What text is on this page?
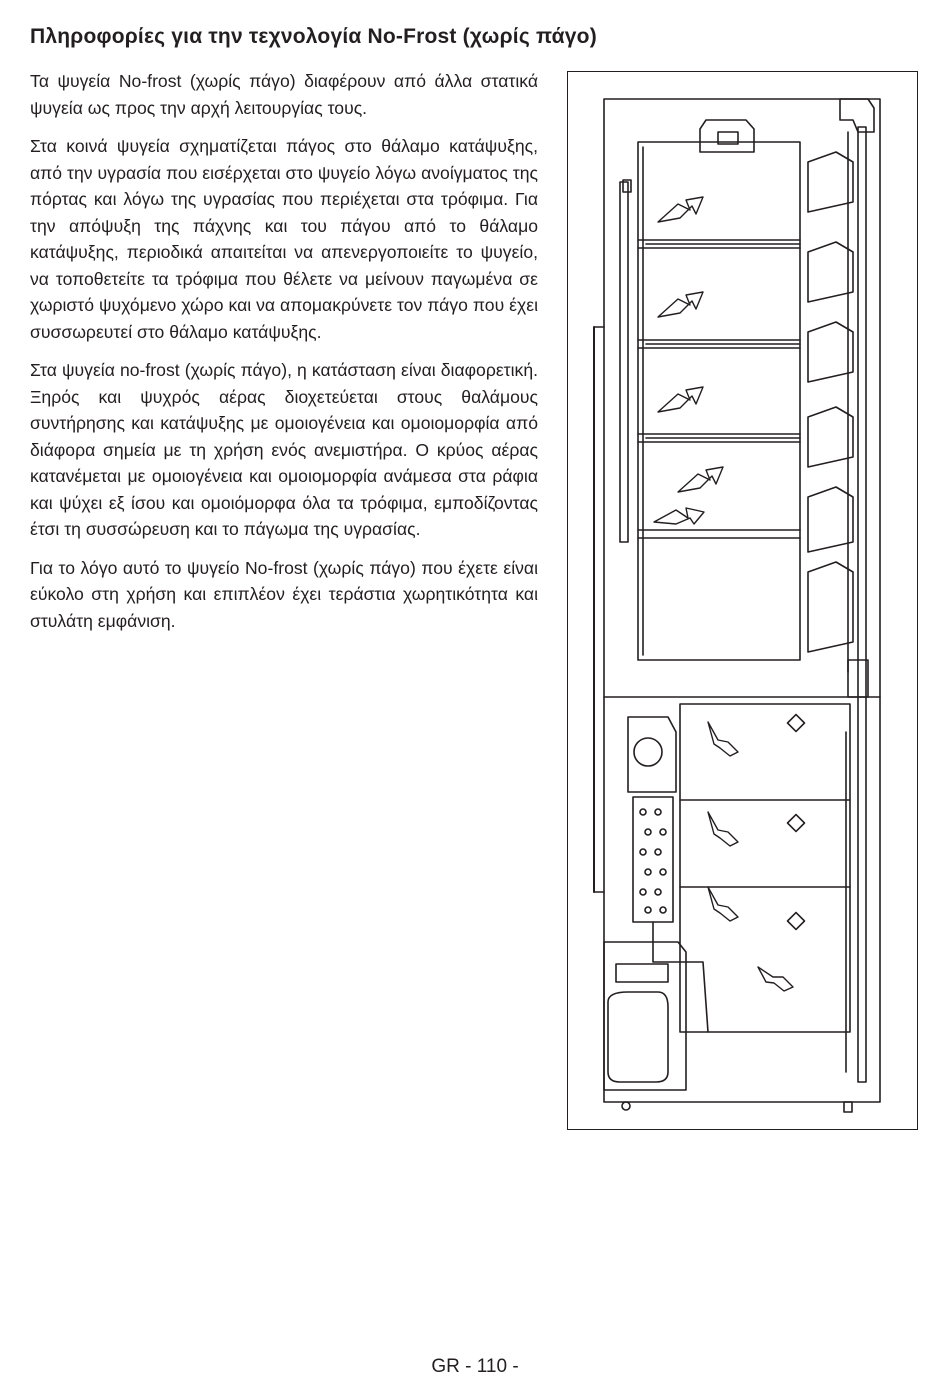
Πληροφορίες για την τεχνολογία No-Frost (χωρίς πάγο)

Τα ψυγεία No-frost (χωρίς πάγο) διαφέρουν από άλλα στατικά ψυγεία ως προς την αρχή λειτουργίας τους.

Στα κοινά ψυγεία σχηματίζεται πάγος στο θάλαμο κατάψυξης, από την υγρασία που εισέρχεται στο ψυγείο λόγω ανοίγματος της πόρτας και λόγω της υγρασίας που περιέχεται στα τρόφιμα. Για την απόψυξη της πάχνης και του πάγου από το θάλαμο κατάψυξης, περιοδικά απαιτείται να απενεργοποιείτε το ψυγείο, να τοποθετείτε τα τρόφιμα που θέλετε να μείνουν παγωμένα σε χωριστό ψυχόμενο χώρο και να απομακρύνετε τον πάγο που έχει συσσωρευτεί στο θάλαμο κατάψυξης.

Στα ψυγεία no-frost (χωρίς πάγο), η κατάσταση είναι διαφορετική. Ξηρός και ψυχρός αέρας διοχετεύεται στους θαλάμους συντήρησης και κατάψυξης με ομοιογένεια και ομοιομορφία από διάφορα σημεία με τη χρήση ενός ανεμιστήρα. Ο κρύος αέρας κατανέμεται με ομοιογένεια και ομοιομορφία ανάμεσα στα ράφια και ψύχει εξ ίσου και ομοιόμορφα όλα τα τρόφιμα, εμποδίζοντας έτσι τη συσσώρευση και το πάγωμα της υγρασίας.

Για το λόγο αυτό το ψυγείο No-frost (χωρίς πάγο) που έχετε είναι εύκολο στη χρήση και επιπλέον έχει τεράστια χωρητικότητα και στυλάτη εμφάνιση.

GR - 110 -
